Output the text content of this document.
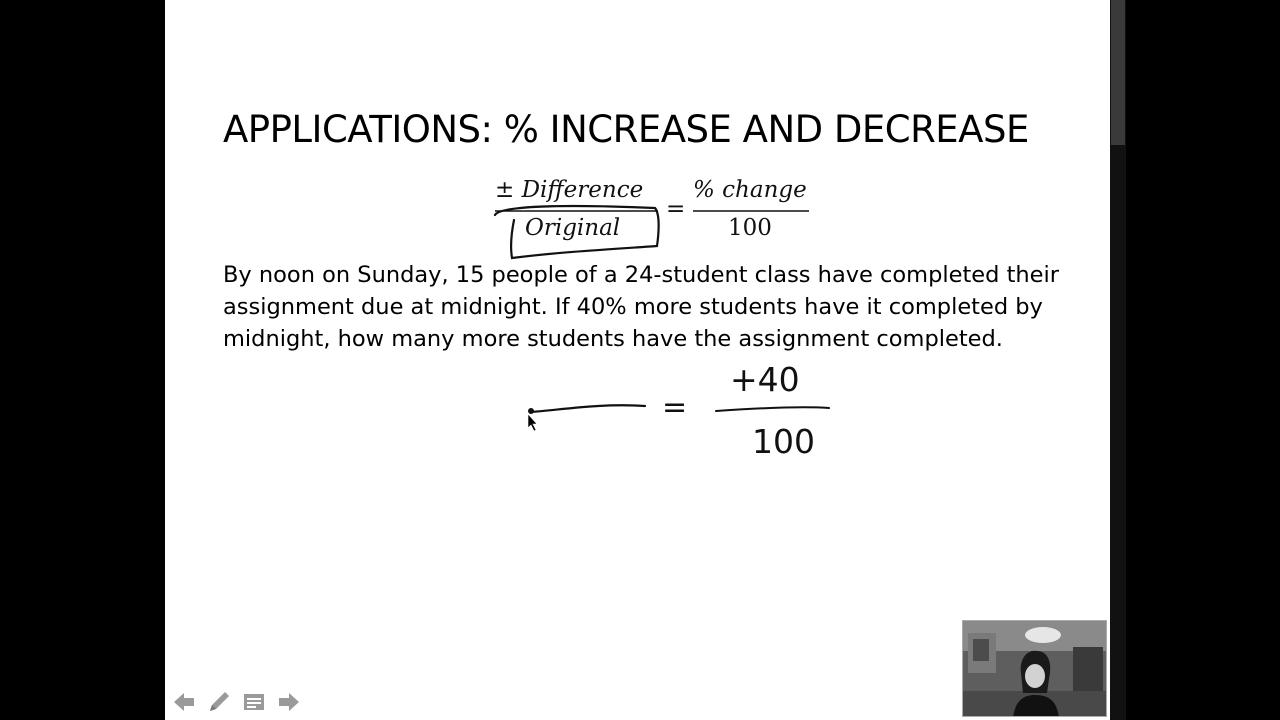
APPLICATIONS: % INCREASE AND DECREASE
± Difference
Original
=
% change
100
By noon on Sunday, 15 people of a 24-student class have completed their assignment due at midnight. If 40% more students have it completed by midnight, how many more students have the assignment completed.
=
+40
100
